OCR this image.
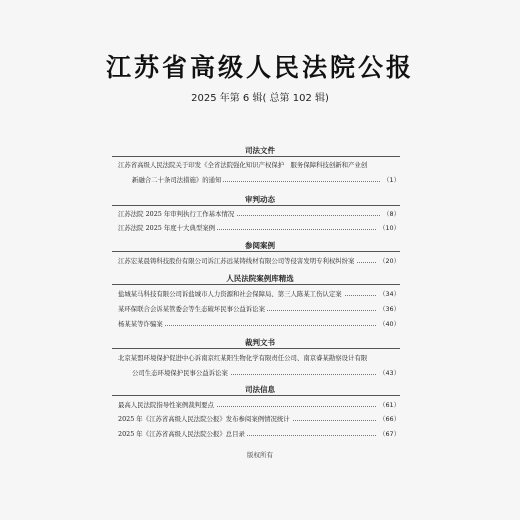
江苏省高级人民法院公报
2025 年第 6 辑( 总第 102 辑)
司法文件
江苏省高级人民法院关于印发《全省法院强化知识产权保护　服务保障科技创新和产业创
新融合二十条司法措施》的通知	（1）
审判动态
江苏法院 2025 年审判执行工作基本情况	（8）
江苏法院 2025 年度十大典型案例	（10）
参阅案例
江苏宏某晨铸科技股份有限公司诉江苏远某铸线材有限公司等侵害发明专利权纠纷案	（20）
人民法院案例库精选
盐城某马科技有限公司诉盐城市人力资源和社会保障局、第三人陈某工伤认定案	（34）
某环保联合会诉某管委会等生态破坏民事公益诉讼案	（36）
杨某某等诈骗案	（40）
裁判文书
北京某盟环境保护促进中心诉南京红某阳生物化学有限责任公司、南京睿某勘察设计有限
公司生态环境保护民事公益诉讼案	（43）
司法信息
最高人民法院指导性案例裁判要点	（61）
2025 年《江苏省高级人民法院公报》发布参阅案例情况统计	（66）
2025 年《江苏省高级人民法院公报》总目录	（67）
版权所有
